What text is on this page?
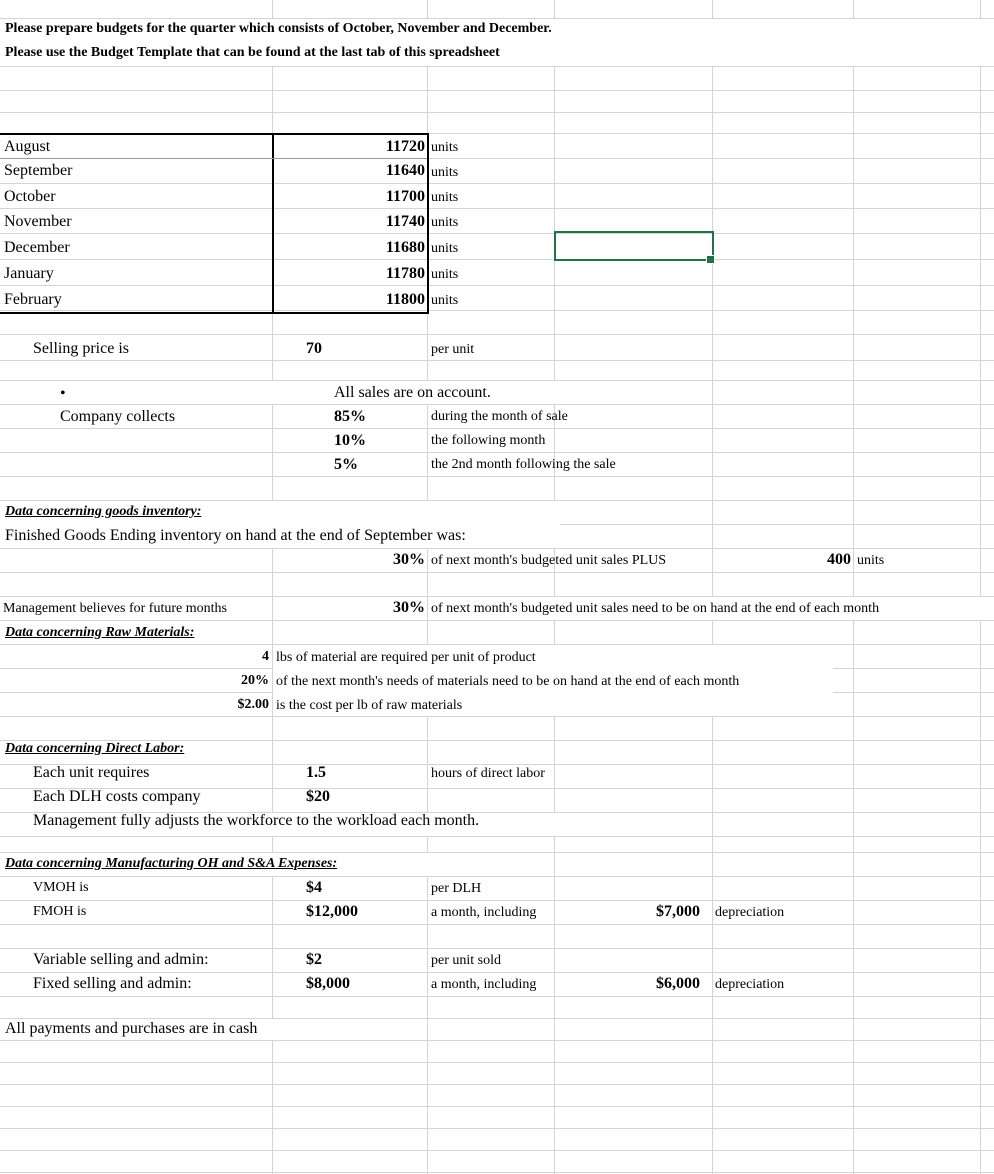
Please prepare budgets for the quarter which consists of October, November and December.
Please use the Budget Template that can be found at the last tab of this spreadsheet
August	11720 units
September	11640 units
October	11700 units
November	11740 units
December	11680 units
January	11780 units
February	11800 units
Selling price is	70	per unit
•	All sales are on account.
Company collects	85%	during the month of sale
10%	the following month
5%	the 2nd month following the sale
Data concerning goods inventory:
Finished Goods Ending inventory on hand at the end of September was:
30% of next month's budgeted unit sales PLUS	400 units
Management believes for future months	30% of next month's budgeted unit sales need to be on hand at the end of each month
Data concerning Raw Materials:
4 lbs of material are required per unit of product
20% of the next month's needs of materials need to be on hand at the end of each month
$2.00 is the cost per lb of raw materials
Data concerning Direct Labor:
Each unit requires	1.5	hours of direct labor
Each DLH costs company	$20
Management fully adjusts the workforce to the workload each month.
Data concerning Manufacturing OH and S&A Expenses:
VMOH is	$4	per DLH
FMOH is	$12,000	a month, including	$7,000 depreciation
Variable selling and admin:	$2	per unit sold
Fixed selling and admin:	$8,000	a month, including	$6,000 depreciation
All payments and purchases are in cash
